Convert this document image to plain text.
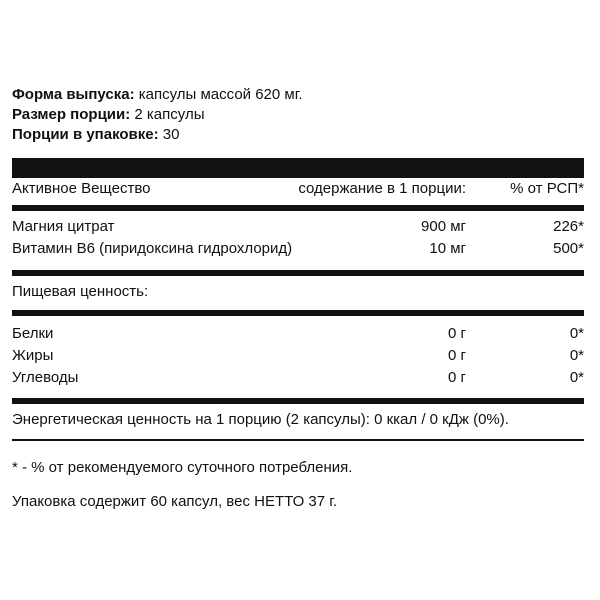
Форма выпуска: капсулы массой 620 мг.
Размер порции: 2 капсулы
Порции в упаковке: 30
Активное Вещество	содержание в 1 порции:	% от РСП*
Магния цитрат	900 мг	226*
Витамин B6 (пиридоксина гидрохлорид)	10 мг	500*
Пищевая ценность:
Белки	0 г	0*
Жиры	0 г	0*
Углеводы	0 г	0*
Энергетическая ценность на 1 порцию (2 капсулы): 0 ккал / 0 кДж (0%).
* - % от рекомендуемого суточного потребления.
Упаковка содержит 60 капсул, вес НЕТТО 37 г.
